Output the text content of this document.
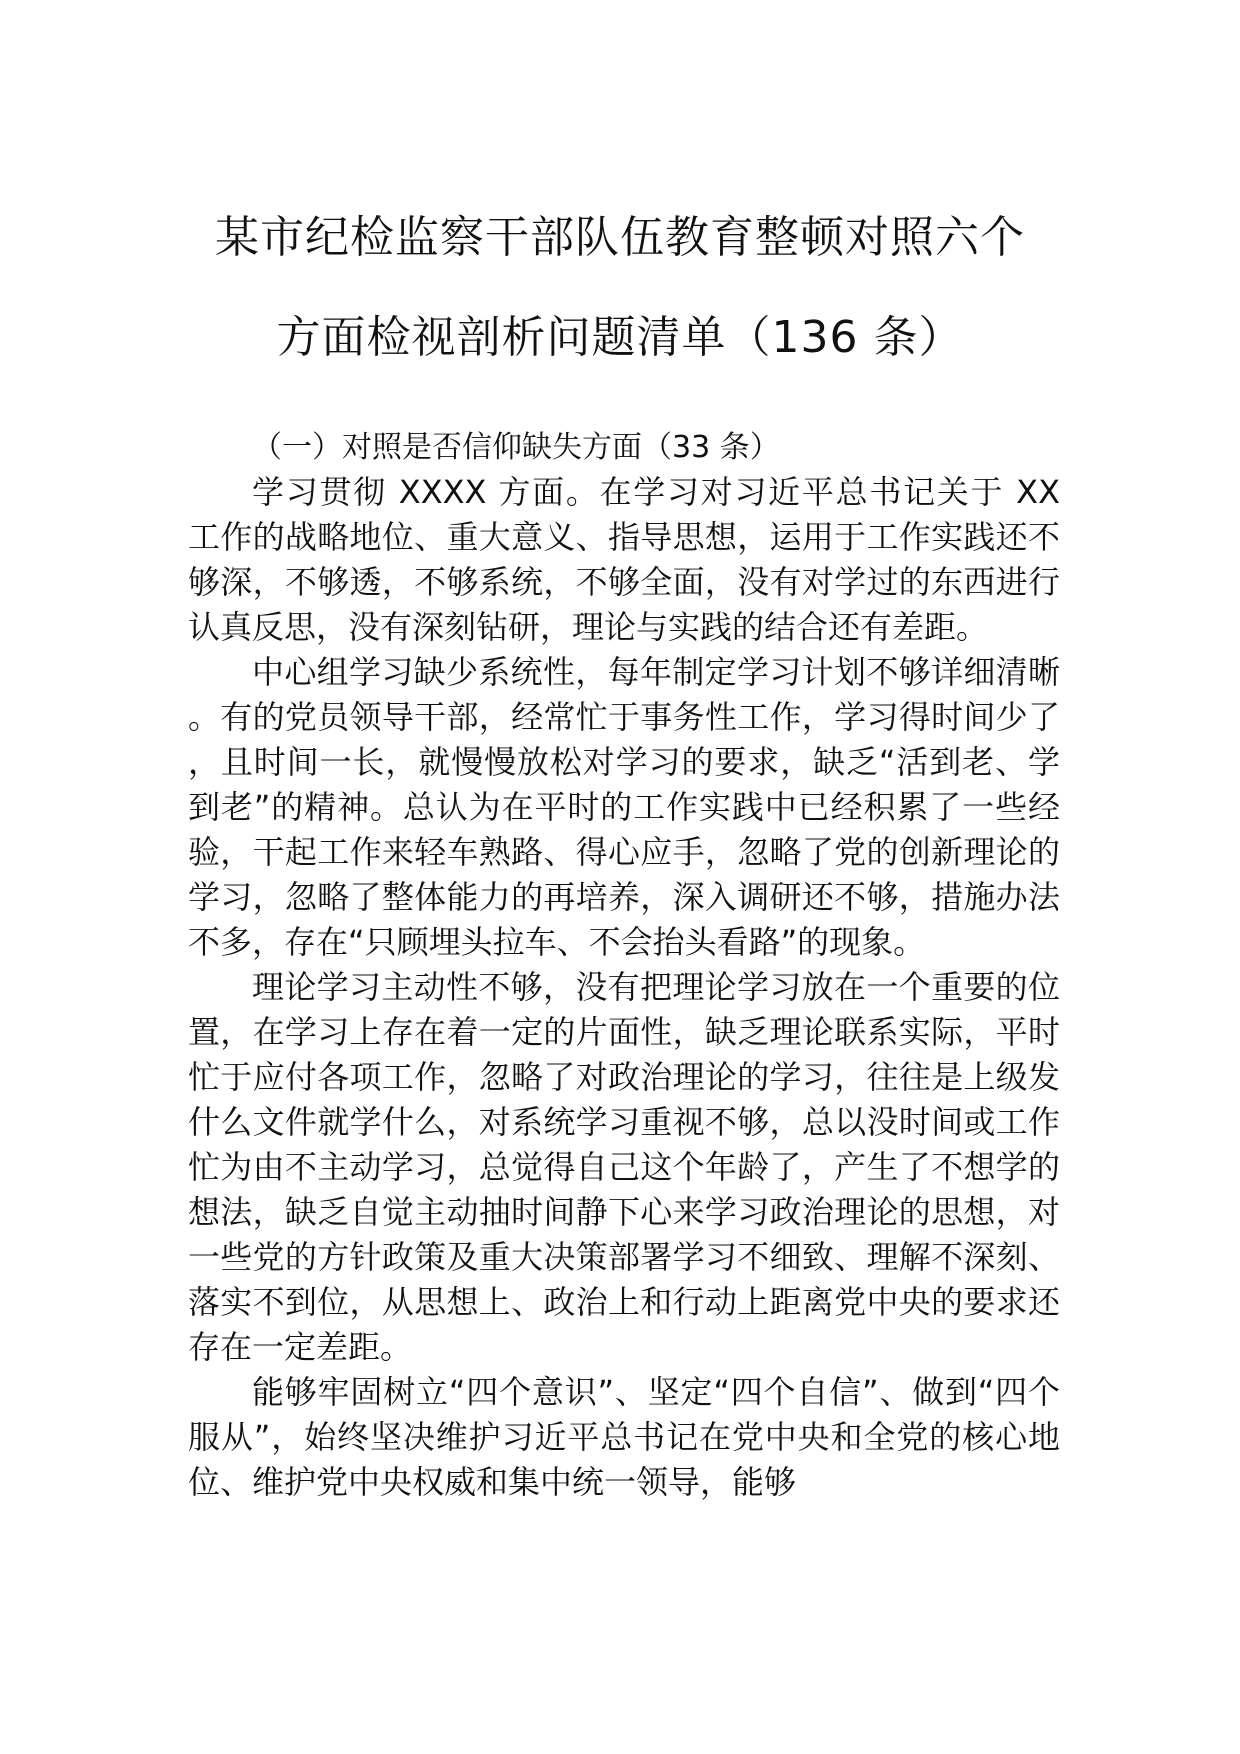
某市纪检监察干部队伍教育整顿对照六个
方面检视剖析问题清单（136 条）
（一）对照是否信仰缺失方面（33 条）

学习贯彻 XXXX 方面。在学习对习近平总书记关于 XX 工作的战略地位、重大意义、指导思想，运用于工作实践还不够深，不够透，不够系统，不够全面，没有对学过的东西进行认真反思，没有深刻钻研，理论与实践的结合还有差距。

中心组学习缺少系统性，每年制定学习计划不够详细清晰。有的党员领导干部，经常忙于事务性工作，学习得时间少了，且时间一长，就慢慢放松对学习的要求，缺乏“活到老、学到老”的精神。总认为在平时的工作实践中已经积累了一些经验，干起工作来轻车熟路、得心应手，忽略了党的创新理论的学习，忽略了整体能力的再培养，深入调研还不够，措施办法不多，存在“只顾埋头拉车、不会抬头看路”的现象。

理论学习主动性不够，没有把理论学习放在一个重要的位置，在学习上存在着一定的片面性，缺乏理论联系实际，平时忙于应付各项工作，忽略了对政治理论的学习，往往是上级发什么文件就学什么，对系统学习重视不够，总以没时间或工作忙为由不主动学习，总觉得自己这个年龄了，产生了不想学的想法，缺乏自觉主动抽时间静下心来学习政治理论的思想，对一些党的方针政策及重大决策部署学习不细致、理解不深刻、落实不到位，从思想上、政治上和行动上距离党中央的要求还存在一定差距。

能够牢固树立“四个意识”、坚定“四个自信”、做到“四个服从”，始终坚决维护习近平总书记在党中央和全党的核心地位、维护党中央权威和集中统一领导，能够
